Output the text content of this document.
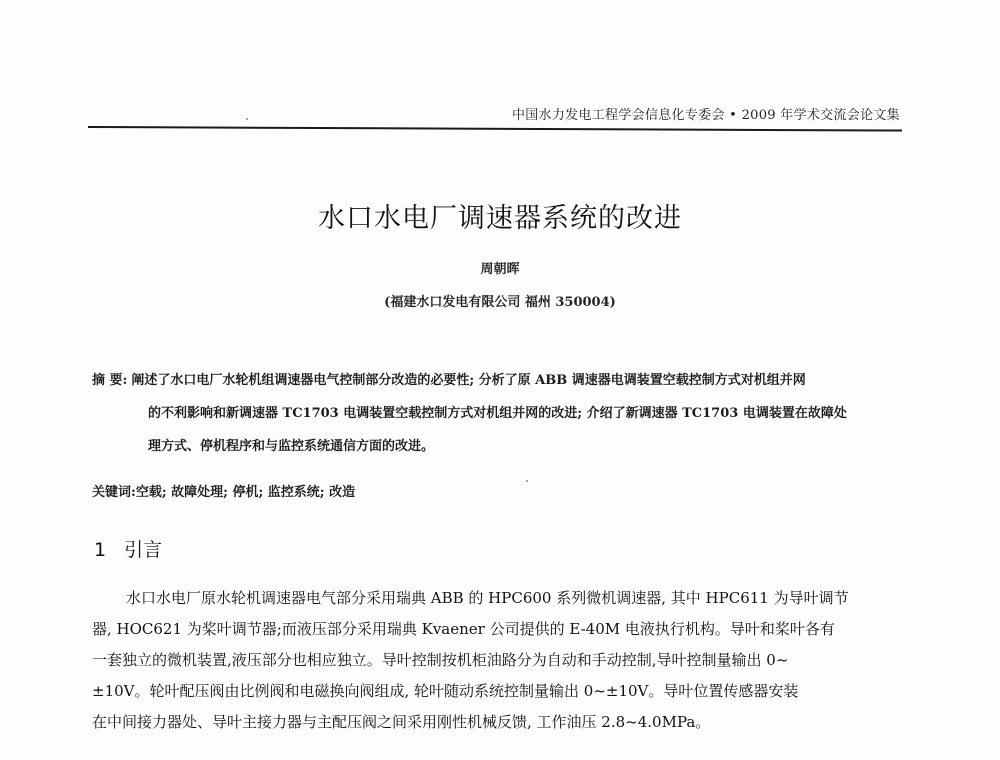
中国水力发电工程学会信息化专委会 • 2009 年学术交流会论文集
水口水电厂调速器系统的改进
周朝晖
(福建水口发电有限公司 福州 350004)
摘 要: 阐述了水口电厂水轮机组调速器电气控制部分改造的必要性; 分析了原 ABB 调速器电调装置空载控制方式对机组并网
的不利影响和新调速器 TC1703 电调装置空载控制方式对机组并网的改进; 介绍了新调速器 TC1703 电调装置在故障处
理方式、停机程序和与监控系统通信方面的改进。
关键词:空载; 故障处理; 停机; 监控系统; 改造
1 引言
水口水电厂原水轮机调速器电气部分采用瑞典 ABB 的 HPC600 系列微机调速器, 其中 HPC611 为导叶调节
器, HOC621 为桨叶调节器;而液压部分采用瑞典 Kvaener 公司提供的 E-40M 电液执行机构。导叶和桨叶各有
一套独立的微机装置,液压部分也相应独立。导叶控制按机柜油路分为自动和手动控制,导叶控制量输出 0~
±10V。轮叶配压阀由比例阀和电磁换向阀组成, 轮叶随动系统控制量输出 0~±10V。导叶位置传感器安装
在中间接力器处、导叶主接力器与主配压阀之间采用刚性机械反馈, 工作油压 2.8~4.0MPa。
